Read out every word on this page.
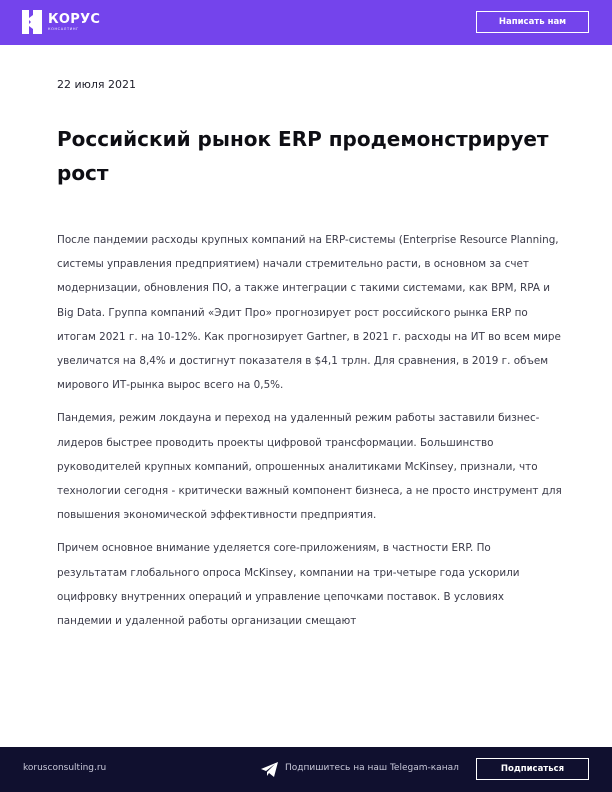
КОРУС
КОНСАЛТИНГ
Написать нам
22 июля 2021
Российский рынок ERP продемонстрирует рост

После пандемии расходы крупных компаний на ERP-системы (Enterprise Resource Planning, системы управления предприятием) начали стремительно расти, в основном за счет модернизации, обновления ПО, а также интеграции с такими системами, как BPM, RPA и Big Data. Группа компаний «Эдит Про» прогнозирует рост российского рынка ERP по итогам 2021 г. на 10-12%. Как прогнозирует Gartner, в 2021 г. расходы на ИТ во всем мире увеличатся на 8,4% и достигнут показателя в $4,1 трлн. Для сравнения, в 2019 г. объем мирового ИТ-рынка вырос всего на 0,5%.

Пандемия, режим локдауна и переход на удаленный режим работы заставили бизнес-лидеров быстрее проводить проекты цифровой трансформации. Большинство руководителей крупных компаний, опрошенных аналитиками McKinsey, признали, что технологии сегодня - критически важный компонент бизнеса, а не просто инструмент для повышения экономической эффективности предприятия.

Причем основное внимание уделяется core-приложениям, в частности ERP. По результатам глобального опроса McKinsey, компании на три-четыре года ускорили оцифровку внутренних операций и управление цепочками поставок. В условиях пандемии и удаленной работы организации смещают

korusconsulting.ru	Подпишитесь на наш Telegam-канал	Подписаться
